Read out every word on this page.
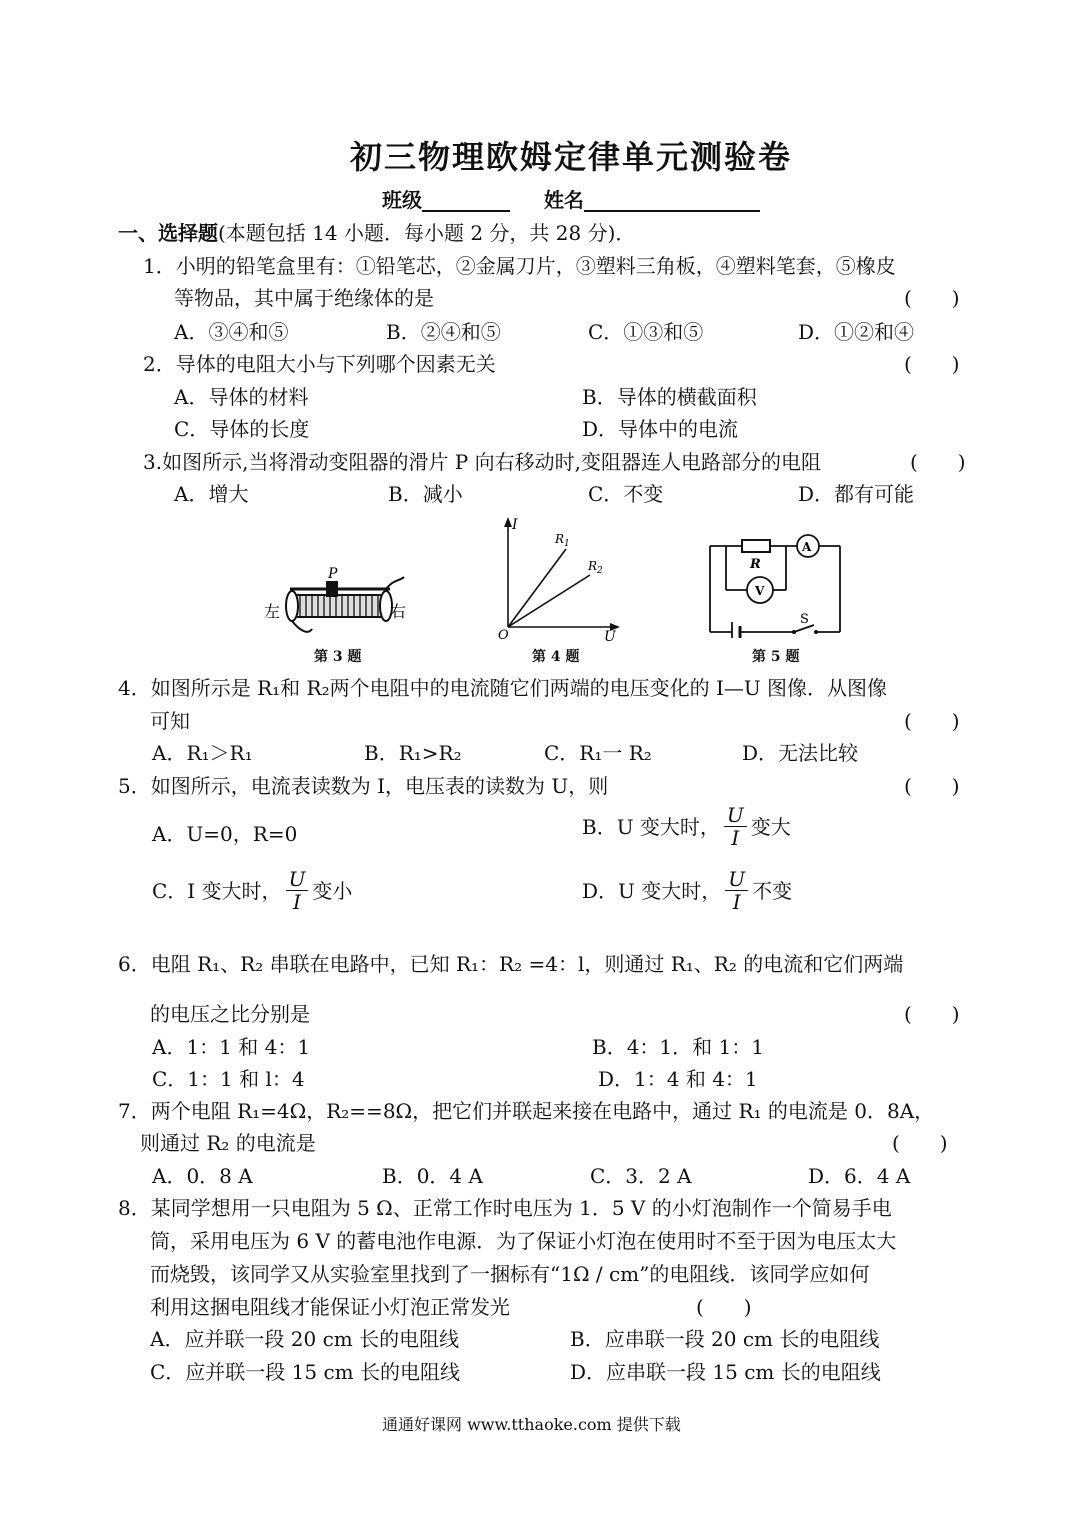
初三物理欧姆定律单元测验卷
班级	姓名
一、选择题(本题包括 14 小题．每小题 2 分，共 28 分)．
1．小明的铅笔盒里有：①铅笔芯，②金属刀片，③塑料三角板，④塑料笔套，⑤橡皮
等物品，其中属于绝缘体的是	(　　)
A．③④和⑤	B．②④和⑤	C．①③和⑤	D．①②和④
2．导体的电阻大小与下列哪个因素无关	(　　)
A．导体的材料	B．导体的横截面积
C．导体的长度	D．导体中的电流
3.如图所示,当将滑动变阻器的滑片 P 向右移动时,变阻器连人电路部分的电阻	(　　)
A．增大	B．减小	C．不变	D．都有可能
P
左	右
第 3 题
I
U
O
$R_1$
$R_2$
第 4 题
R
A
V
S
第 5 题
4．如图所示是 R₁和 R₂两个电阻中的电流随它们两端的电压变化的 I—U 图像．从图像
可知	(　　)
A．R₁＞R₁	B．R₁>R₂	C．R₁一 R₂	D．无法比较
5．如图所示，电流表读数为 I，电压表的读数为 U，则	(　　)
A．U=0，R=0	B．U 变大时， $\frac{U}{I}$ 变大
C．I 变大时， $\frac{U}{I}$ 变小	D．U 变大时， $\frac{U}{I}$ 不变
6．电阻 R₁、R₂ 串联在电路中，已知 R₁：R₂ =4：l，则通过 R₁、R₂ 的电流和它们两端
的电压之比分别是	(　　)
A．1：1 和 4：1	B．4：1．和 1：1
C．1：1 和 l：4	D．1：4 和 4：1
7．两个电阻 R₁=4Ω，R₂==8Ω，把它们并联起来接在电路中，通过 R₁ 的电流是 0．8A，
则通过 R₂ 的电流是	(　　)
A．0．8 A	B．0．4 A	C．3．2 A	D．6．4 A
8．某同学想用一只电阻为 5 Ω、正常工作时电压为 1．5 V 的小灯泡制作一个简易手电
筒，采用电压为 6 V 的蓄电池作电源．为了保证小灯泡在使用时不至于因为电压太大
而烧毁，该同学又从实验室里找到了一捆标有“1Ω / cm”的电阻线．该同学应如何
利用这捆电阻线才能保证小灯泡正常发光	(　　)
A．应并联一段 20 cm 长的电阻线	B．应串联一段 20 cm 长的电阻线
C．应并联一段 15 cm 长的电阻线	D．应串联一段 15 cm 长的电阻线
通通好课网 www.tthaoke.com 提供下载
